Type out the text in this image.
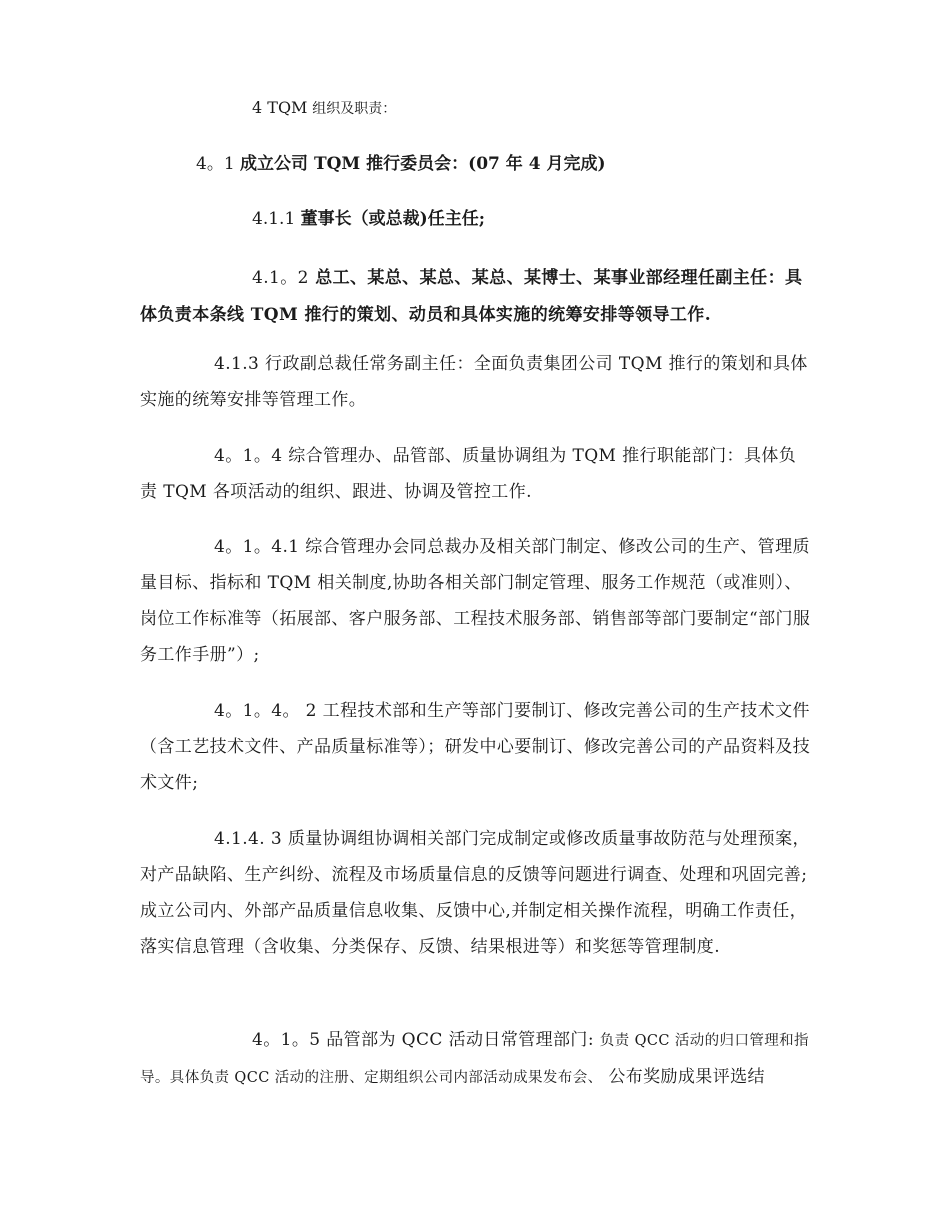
4 TQM 组织及职责：

4。1 成立公司 TQM 推行委员会：(07 年 4 月完成)

4.1.1 董事长（或总裁)任主任;

4.1。2 总工、某总、某总、某总、某博士、某事业部经理任副主任：具体负责本条线 TQM 推行的策划、动员和具体实施的统筹安排等领导工作.

4.1.3 行政副总裁任常务副主任：全面负责集团公司 TQM 推行的策划和具体实施的统筹安排等管理工作。

4。1。4 综合管理办、品管部、质量协调组为 TQM 推行职能部门：具体负责 TQM 各项活动的组织、跟进、协调及管控工作.

4。1。4.1 综合管理办会同总裁办及相关部门制定、修改公司的生产、管理质量目标、指标和 TQM 相关制度,协助各相关部门制定管理、服务工作规范（或准则）、岗位工作标准等（拓展部、客户服务部、工程技术服务部、销售部等部门要制定“部门服务工作手册”）;

4。1。4。 2 工程技术部和生产等部门要制订、修改完善公司的生产技术文件（含工艺技术文件、产品质量标准等）；研发中心要制订、修改完善公司的产品资料及技术文件;

4.1.4. 3 质量协调组协调相关部门完成制定或修改质量事故防范与处理预案，对产品缺陷、生产纠纷、流程及市场质量信息的反馈等问题进行调查、处理和巩固完善;成立公司内、外部产品质量信息收集、反馈中心,并制定相关操作流程，明确工作责任，落实信息管理（含收集、分类保存、反馈、结果根进等）和奖惩等管理制度.

4。1。5 品管部为 QCC 活动日常管理部门: 负责 QCC 活动的归口管理和指导。具体负责 QCC 活动的注册、定期组织公司内部活动成果发布会、 公布奖励成果评选结
